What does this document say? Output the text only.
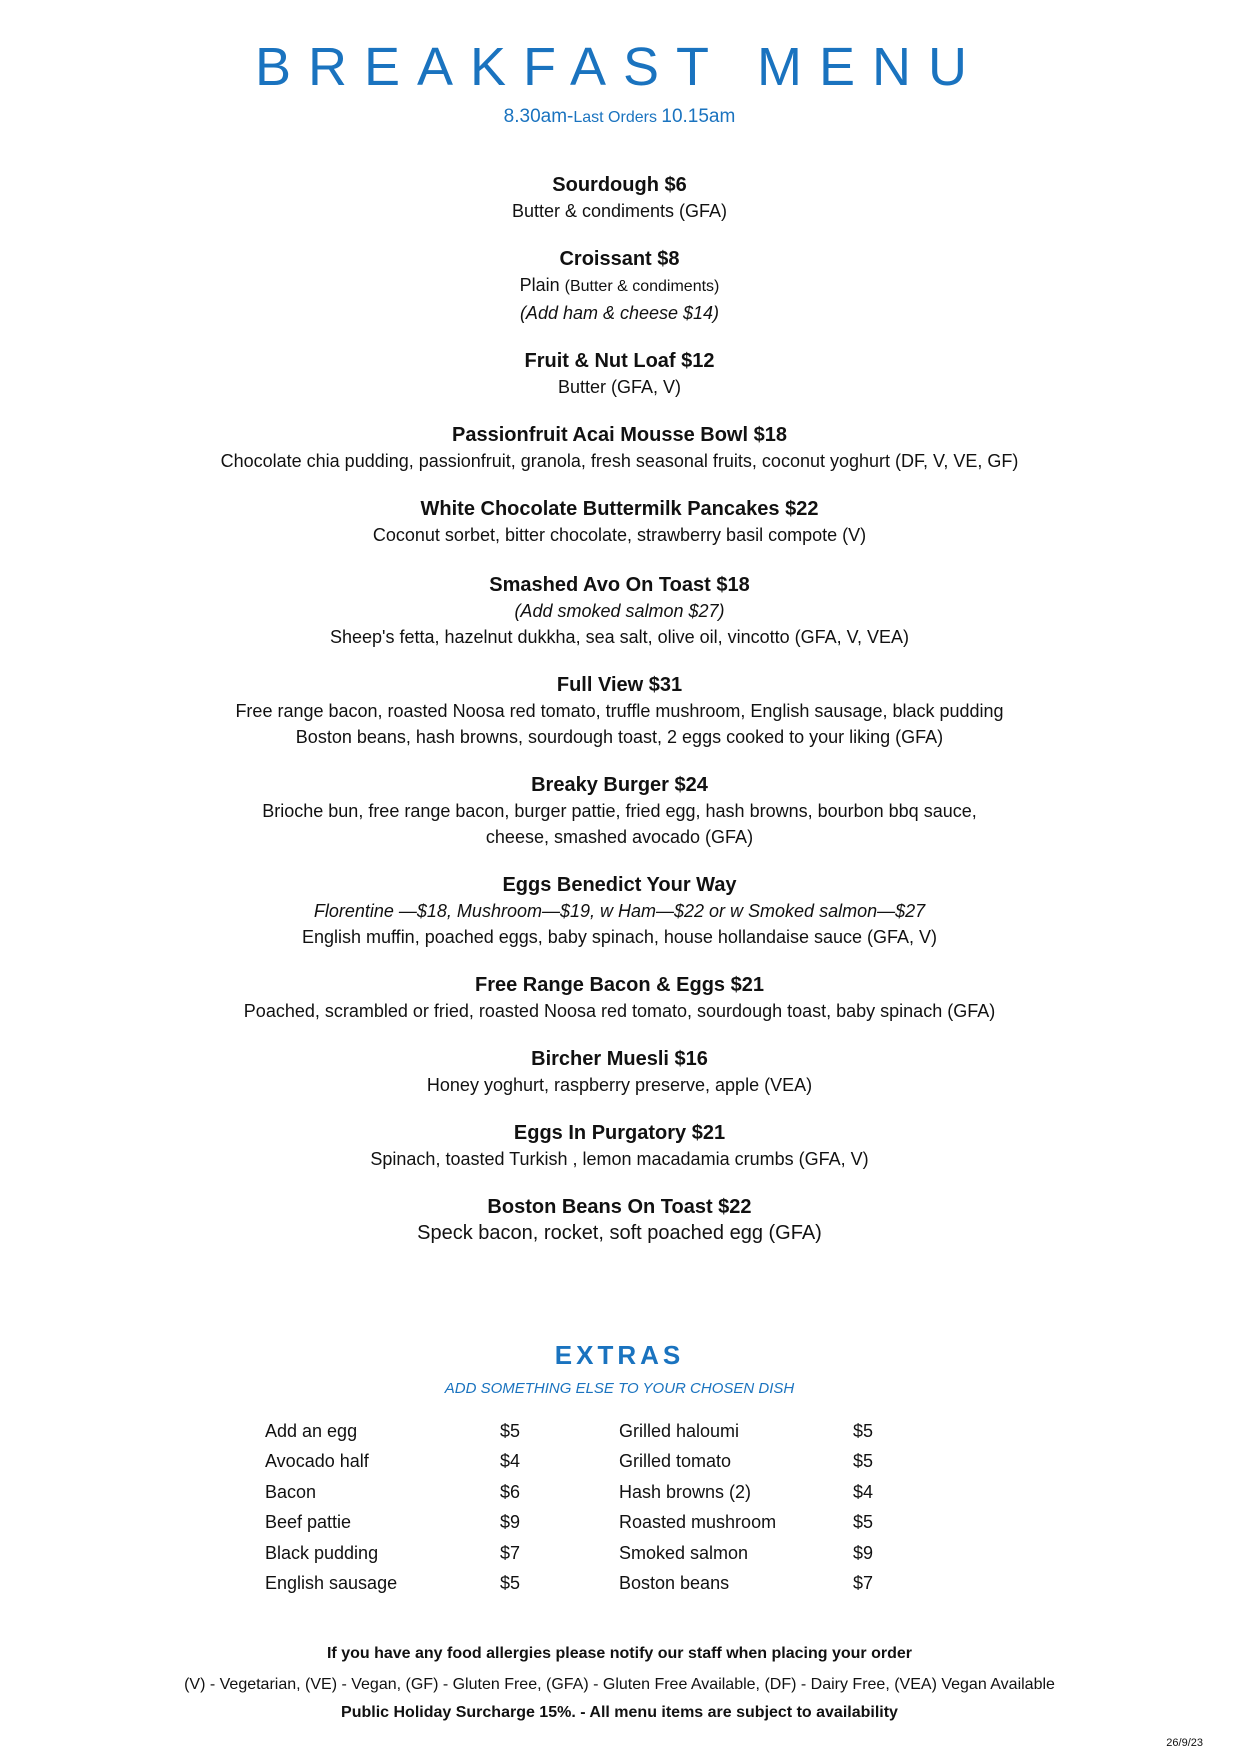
BREAKFAST MENU
8.30am-Last Orders 10.15am
Sourdough $6
Butter & condiments (GFA)
Croissant $8
Plain (Butter & condiments)
(Add ham & cheese $14)
Fruit & Nut Loaf $12
Butter (GFA, V)
Passionfruit Acai Mousse Bowl $18
Chocolate chia pudding, passionfruit, granola, fresh seasonal fruits, coconut yoghurt (DF, V, VE, GF)
White Chocolate Buttermilk Pancakes $22
Coconut sorbet, bitter chocolate, strawberry basil compote (V)
Smashed Avo On Toast $18
(Add smoked salmon $27)
Sheep's fetta, hazelnut dukkha, sea salt, olive oil, vincotto (GFA, V, VEA)
Full View $31
Free range bacon, roasted Noosa red tomato, truffle mushroom, English sausage, black pudding
Boston beans, hash browns, sourdough toast, 2 eggs cooked to your liking (GFA)
Breaky Burger $24
Brioche bun, free range bacon, burger pattie, fried egg, hash browns, bourbon bbq sauce,
cheese, smashed avocado (GFA)
Eggs Benedict Your Way
Florentine —$18, Mushroom—$19, w Ham—$22 or w Smoked salmon—$27
English muffin, poached eggs, baby spinach, house hollandaise sauce (GFA, V)
Free Range Bacon & Eggs $21
Poached, scrambled or fried, roasted Noosa red tomato, sourdough toast, baby spinach (GFA)
Bircher Muesli $16
Honey yoghurt, raspberry preserve, apple (VEA)
Eggs In Purgatory $21
Spinach, toasted Turkish , lemon macadamia crumbs (GFA, V)
Boston Beans On Toast $22
Speck bacon, rocket, soft poached egg (GFA)
EXTRAS
ADD SOMETHING ELSE TO YOUR CHOSEN DISH
Add an egg	$5
Avocado half	$4
Bacon	$6
Beef pattie	$9
Black pudding	$7
English sausage	$5
Grilled haloumi	$5
Grilled tomato	$5
Hash browns (2)	$4
Roasted mushroom	$5
Smoked salmon	$9
Boston beans	$7
If you have any food allergies please notify our staff when placing your order
(V) - Vegetarian, (VE) - Vegan, (GF) - Gluten Free, (GFA) - Gluten Free Available, (DF) - Dairy Free, (VEA) Vegan Available
Public Holiday Surcharge 15%. - All menu items are subject to availability
26/9/23
